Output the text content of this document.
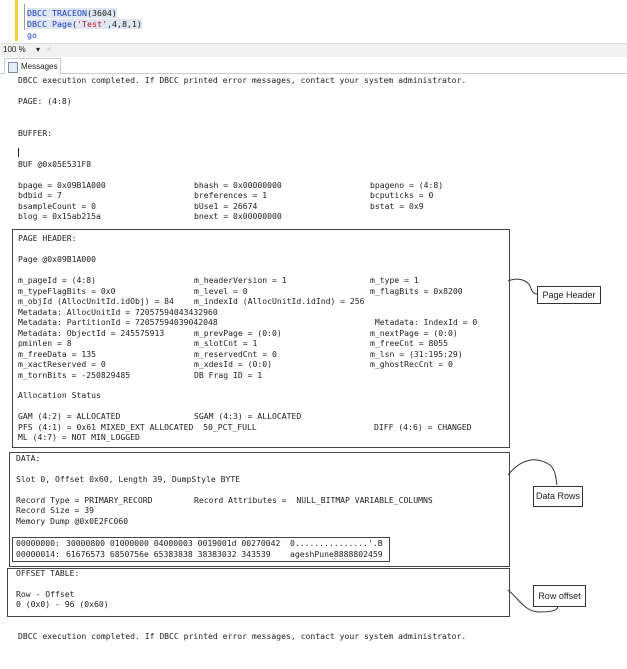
DBCC TRACEON(3604)
DBCC Page('Test',4,8,1)
go
100 % ▾ <
Messages
DBCC execution completed. If DBCC printed error messages, contact your system administrator.
PAGE: (4:8)
BUFFER:
BUF @0x05E531F8
bpage = 0x09B1A000	bhash = 0x00000000	bpageno = (4:8)
bdbid = 7	breferences = 1	bcputicks = 0
bsampleCount = 0	bUse1 = 26674	bstat = 0x9
blog = 0x15ab215a	bnext = 0x00000000
PAGE HEADER:
Page @0x09B1A000
m_pageId = (4:8)	m_headerVersion = 1	m_type = 1
m_typeFlagBits = 0x0	m_level = 0	m_flagBits = 0x8200
m_objId (AllocUnitId.idObj) = 84 m_indexId (AllocUnitId.idInd) = 256
Metadata: AllocUnitId = 72057594043432960
Metadata: PartitionId = 72057594039042048	Metadata: IndexId = 0
Metadata: ObjectId = 245575913	m_prevPage = (0:0)	m_nextPage = (0:0)
pminlen = 8	m_slotCnt = 1	m_freeCnt = 8055
m_freeData = 135	m_reservedCnt = 0	m_lsn = (31:195:29)
m_xactReserved = 0	m_xdesId = (0:0)	m_ghostRecCnt = 0
m_tornBits = -250829485	DB Frag ID = 1
Allocation Status
GAM (4:2) = ALLOCATED	SGAM (4:3) = ALLOCATED
PFS (4:1) = 0x61 MIXED_EXT ALLOCATED  50_PCT_FULL	DIFF (4:6) = CHANGED
ML (4:7) = NOT MIN_LOGGED
DATA:
Slot 0, Offset 0x60, Length 39, DumpStyle BYTE
Record Type = PRIMARY_RECORD	Record Attributes =  NULL_BITMAP VARIABLE_COLUMNS
Record Size = 39
Memory Dump @0x0E2FC060
00000000: 30000800 01000000 04000003 0019001d 00270042 0...............'.B
00000014: 61676573 6850756e 65383838 38383032 343539 ageshPune8888802459
OFFSET TABLE:
Row - Offset
0 (0x0) - 96 (0x60)
DBCC execution completed. If DBCC printed error messages, contact your system administrator.
Page Header
Data Rows
Row offset
